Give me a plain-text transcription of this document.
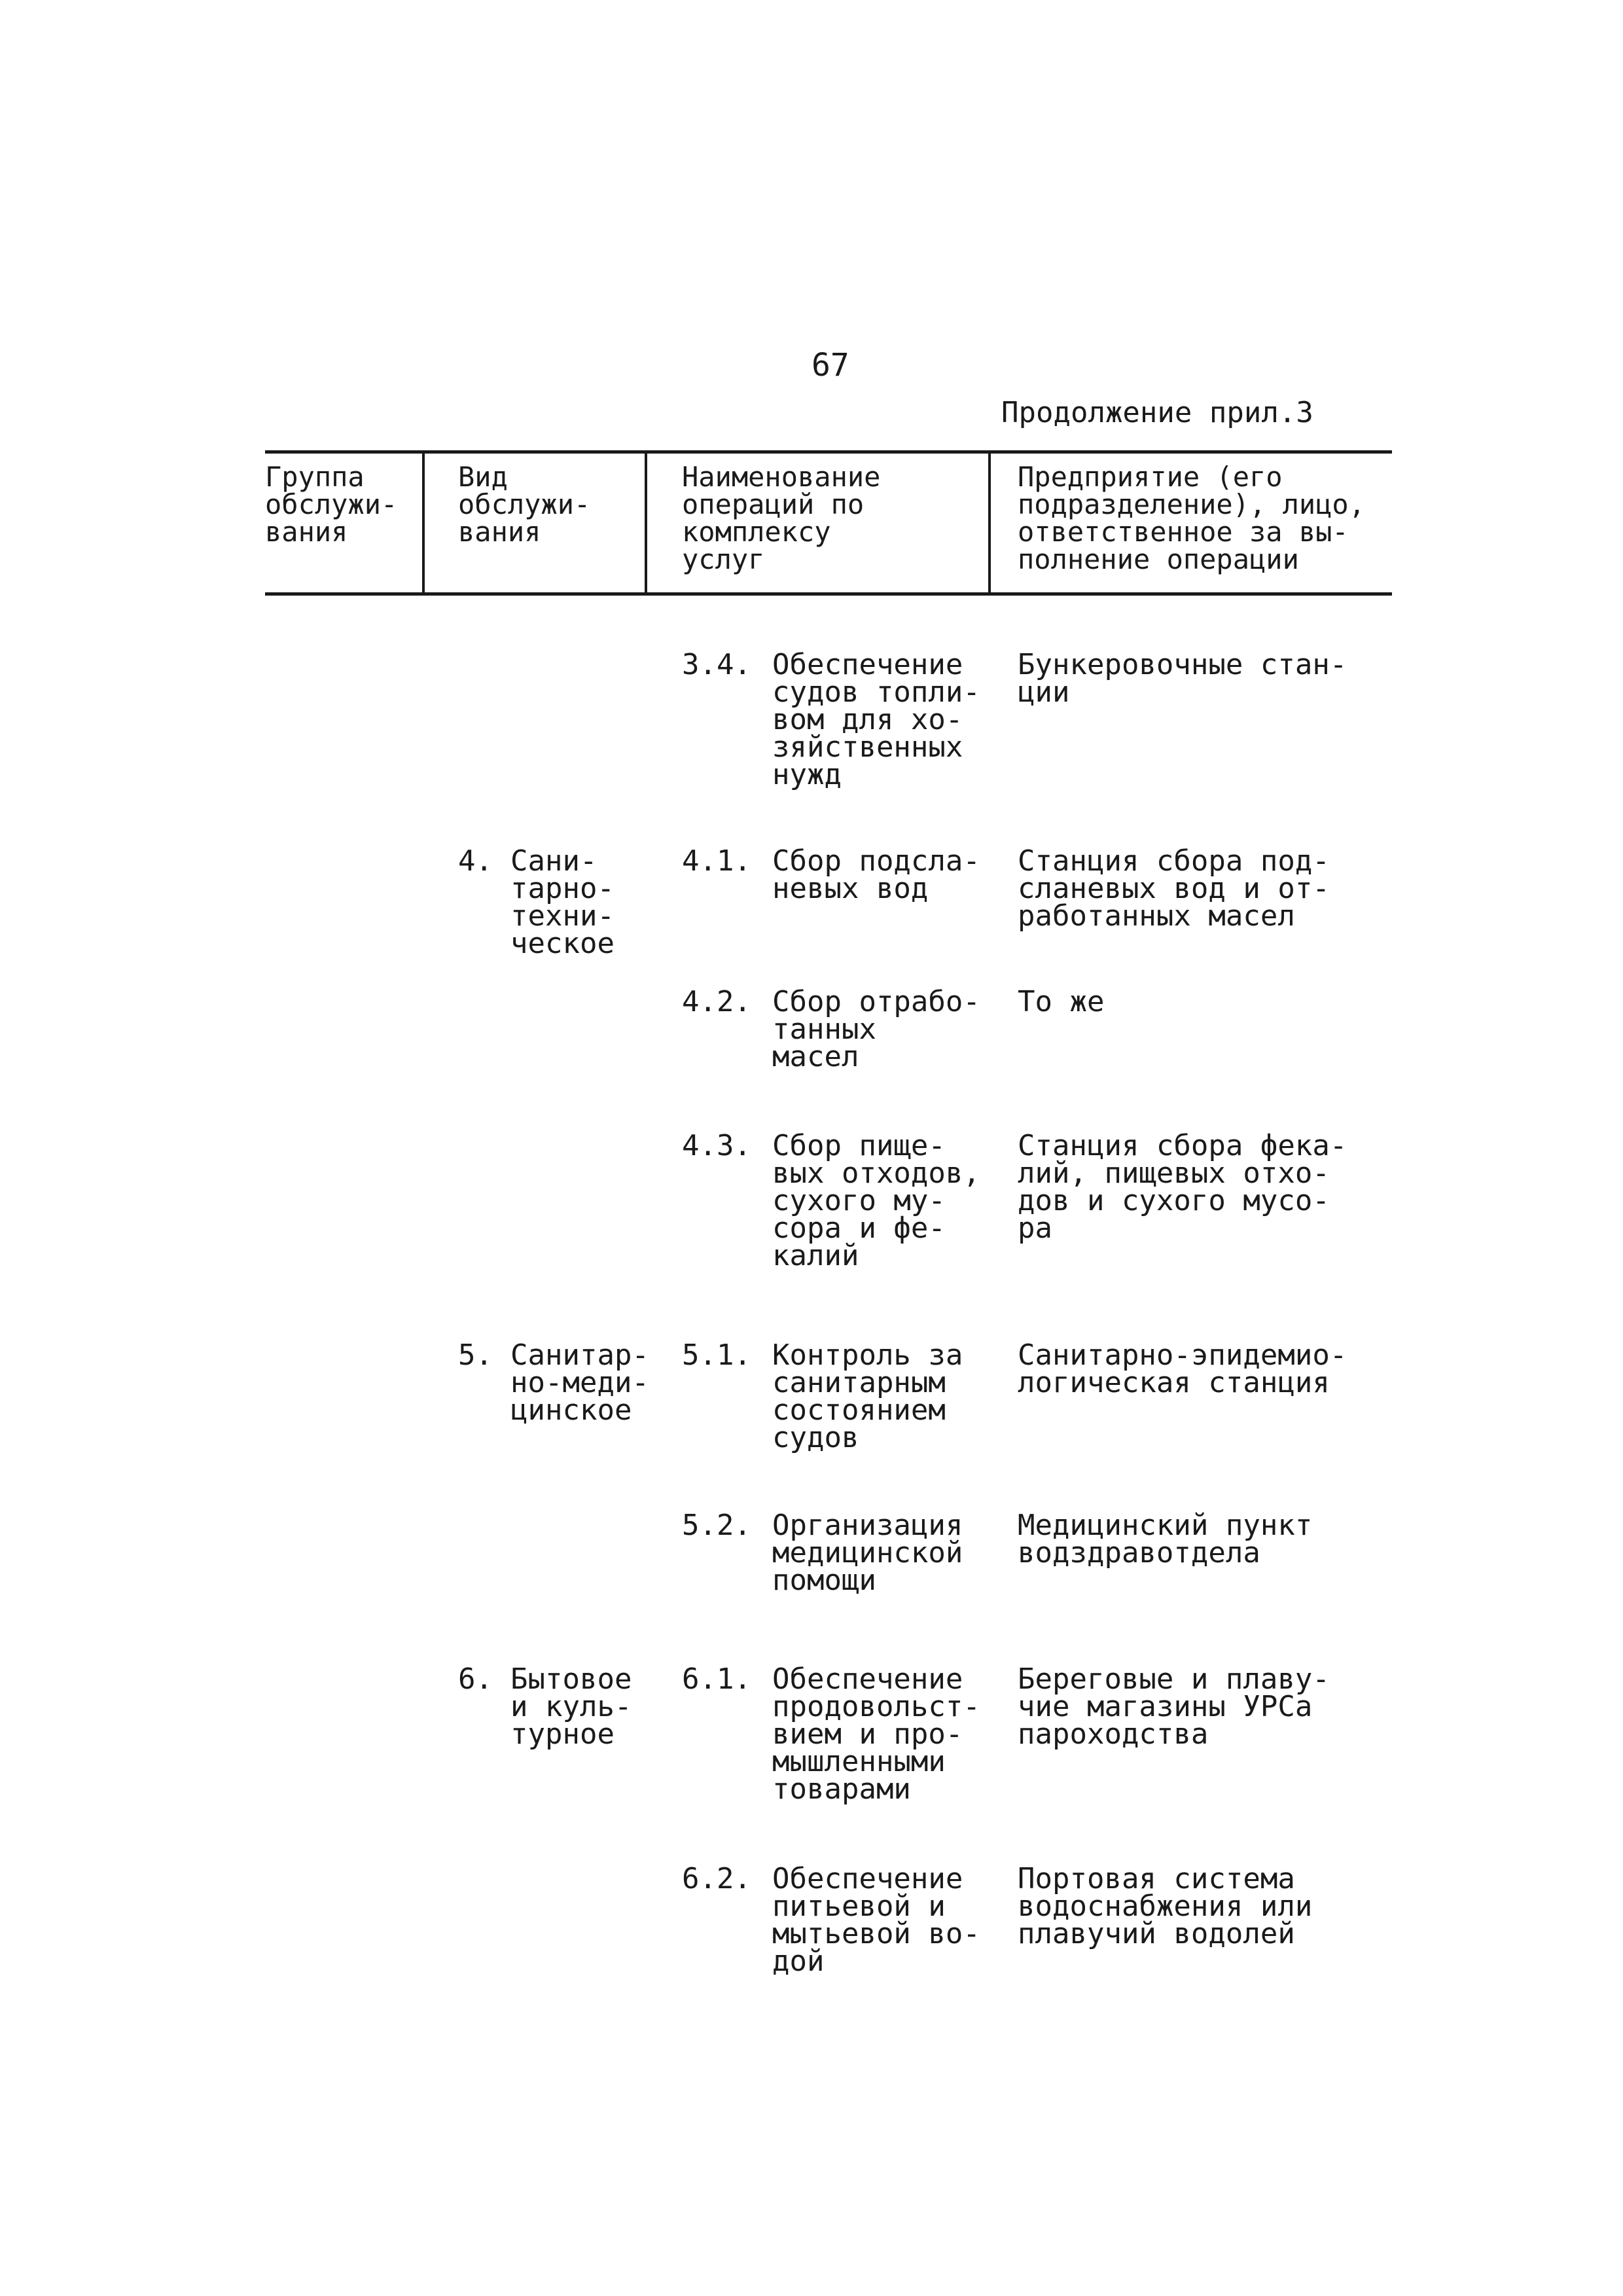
67
Продолжение прил.3
Группа
обслужи-
вания
Вид
обслужи-
вания
Наименование
операций по
комплексу
услуг
Предприятие (его
подразделение), лицо,
ответственное за вы-
полнение операции
4. Сани-
тарно-
техни-
ческое
5. Санитар-
но-меди-
цинское
6. Бытовое
и куль-
турное
3.4. Обеспечение
судов топли-
вом для хо-
зяйственных
нужд
Бункеровочные стан-
ции
4.1. Сбор подсла-
невых вод
Станция сбора под-
сланевых вод и от-
работанных масел
4.2. Сбор отрабо-
танных
масел
То же
4.3. Сбор пище-
вых отходов,
сухого му-
сора и фе-
калий
Станция сбора фека-
лий, пищевых отхо-
дов и сухого мусо-
ра
5.1. Контроль за
санитарным
состоянием
судов
Санитарно-эпидемио-
логическая станция
5.2. Организация
медицинской
помощи
Медицинский пункт
водздравотдела
6.1. Обеспечение
продовольст-
вием и про-
мышленными
товарами
Береговые и плаву-
чие магазины УРСа
пароходства
6.2. Обеспечение
питьевой и
мытьевой во-
дой
Портовая система
водоснабжения или
плавучий водолей
